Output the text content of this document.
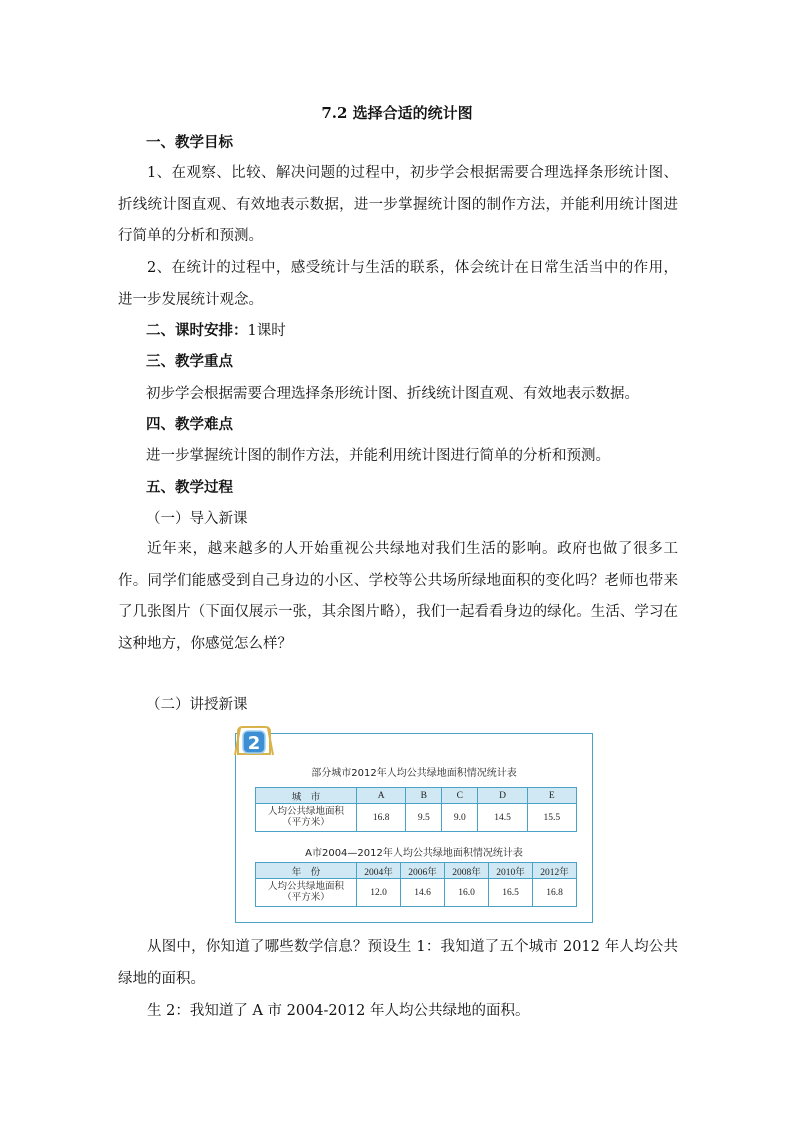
7.2 选择合适的统计图
一、教学目标

1、在观察、比较、解决问题的过程中，初步学会根据需要合理选择条形统计图、折线统计图直观、有效地表示数据，进一步掌握统计图的制作方法，并能利用统计图进行简单的分析和预测。

2、在统计的过程中，感受统计与生活的联系，体会统计在日常生活当中的作用，进一步发展统计观念。

二、课时安排：1课时
三、教学重点
初步学会根据需要合理选择条形统计图、折线统计图直观、有效地表示数据。
四、教学难点
进一步掌握统计图的制作方法，并能利用统计图进行简单的分析和预测。
五、教学过程
（一）导入新课

近年来，越来越多的人开始重视公共绿地对我们生活的影响。政府也做了很多工作。同学们能感受到自己身边的小区、学校等公共场所绿地面积的变化吗？老师也带来了几张图片（下面仅展示一张，其余图片略），我们一起看看身边的绿化。生活、学习在这种地方，你感觉怎么样？

（二）讲授新课
部分城市2012年人均公共绿地面积情况统计表
城　市	A	B	C	D	E

人均公共绿地面积
（平方米）	16.8	9.5	9.0	14.5	15.5
A市2004—2012年人均公共绿地面积情况统计表
年　份	2004年	2006年	2008年	2010年	2012年

人均公共绿地面积
（平方米）	12.0	14.6	16.0	16.5	16.8
2

从图中，你知道了哪些数学信息？预设生 1：我知道了五个城市 2012 年人均公共绿地的面积。

生 2：我知道了 A 市 2004-2012 年人均公共绿地的面积。
